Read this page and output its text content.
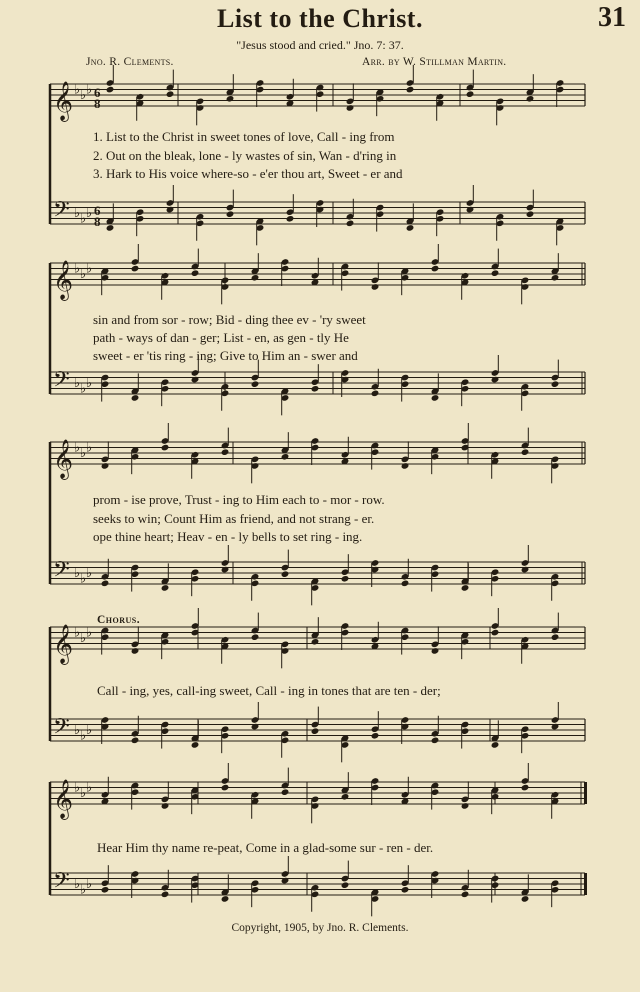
List to the Christ.	31
"Jesus stood and cried." Jno. 7: 37.
Jno. R. Clements.	Arr. by W. Stillman Martin.
𝄞
𝄢
♭
♭
♭
♭
♭
♭
6
8
6
8
𝄞
𝄢
♭
♭
♭
♭
♭
♭
𝄞
𝄢
♭
♭
♭
♭
♭
♭
𝄞
𝄢
♭
♭
♭
♭
♭
♭
𝄞
𝄢
♭
♭
♭
♭
♭
♭
1. List to the Christ in sweet tones of love, Call - ing from
2. Out on the bleak, lone - ly wastes of sin, Wan - d'ring in
3. Hark to His voice where-so - e'er thou art, Sweet - er and
sin and from sor - row; Bid - ding thee ev - 'ry sweet
path - ways of dan - ger; List - en, as gen - tly He
sweet - er 'tis ring - ing; Give to Him an - swer and
prom - ise prove, Trust - ing to Him each to - mor - row.
seeks to win; Count Him as friend, and not strang - er.
ope thine heart; Heav - en - ly bells to set ring - ing.
Chorus.
Call - ing, yes, call-ing sweet, Call - ing in tones that are ten - der;
Hear Him thy name re-peat, Come in a glad-some sur - ren - der.
Copyright, 1905, by Jno. R. Clements.
